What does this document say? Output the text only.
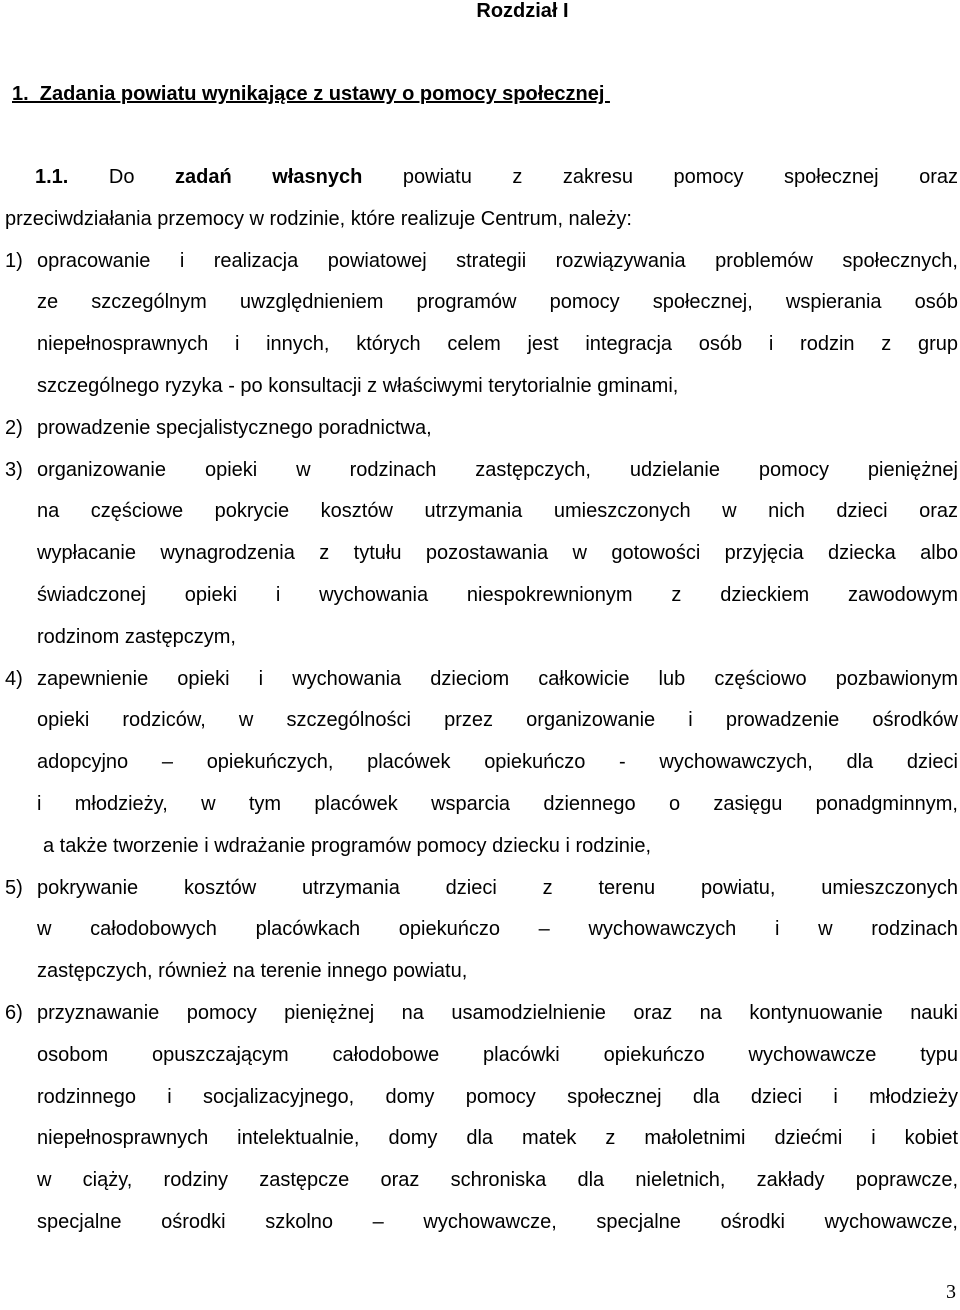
Rozdział I
1.  Zadania powiatu wynikające z ustawy o pomocy społecznej
1.1. Do zadań własnych powiatu z zakresu pomocy społecznej oraz
przeciwdziałania przemocy w rodzinie, które realizuje Centrum, należy:
1) opracowanie i realizacja powiatowej strategii rozwiązywania problemów społecznych,
ze szczególnym uwzględnieniem programów pomocy społecznej, wspierania osób
niepełnosprawnych i innych, których celem jest integracja osób i rodzin z grup
szczególnego ryzyka - po konsultacji z właściwymi terytorialnie gminami,
2) prowadzenie specjalistycznego poradnictwa,
3) organizowanie opieki w rodzinach zastępczych, udzielanie pomocy pieniężnej
na częściowe pokrycie kosztów utrzymania umieszczonych w nich dzieci oraz
wypłacanie wynagrodzenia z tytułu pozostawania w gotowości przyjęcia dziecka albo
świadczonej opieki i wychowania niespokrewnionym z dzieckiem zawodowym
rodzinom zastępczym,
4) zapewnienie opieki i wychowania dzieciom całkowicie lub częściowo pozbawionym
opieki rodziców, w szczególności przez organizowanie i prowadzenie ośrodków
adopcyjno – opiekuńczych, placówek opiekuńczo - wychowawczych, dla dzieci
i młodzieży, w tym placówek wsparcia dziennego o zasięgu ponadgminnym,
a także tworzenie i wdrażanie programów pomocy dziecku i rodzinie,
5) pokrywanie kosztów utrzymania dzieci z terenu powiatu, umieszczonych
w całodobowych placówkach opiekuńczo – wychowawczych i w rodzinach
zastępczych, również na terenie innego powiatu,
6) przyznawanie pomocy pieniężnej na usamodzielnienie oraz na kontynuowanie nauki
osobom opuszczającym całodobowe placówki opiekuńczo wychowawcze typu
rodzinnego i socjalizacyjnego, domy pomocy społecznej dla dzieci i młodzieży
niepełnosprawnych intelektualnie, domy dla matek z małoletnimi dziećmi i kobiet
w ciąży, rodziny zastępcze oraz schroniska dla nieletnich, zakłady poprawcze,
specjalne ośrodki szkolno – wychowawcze, specjalne ośrodki wychowawcze,
3
